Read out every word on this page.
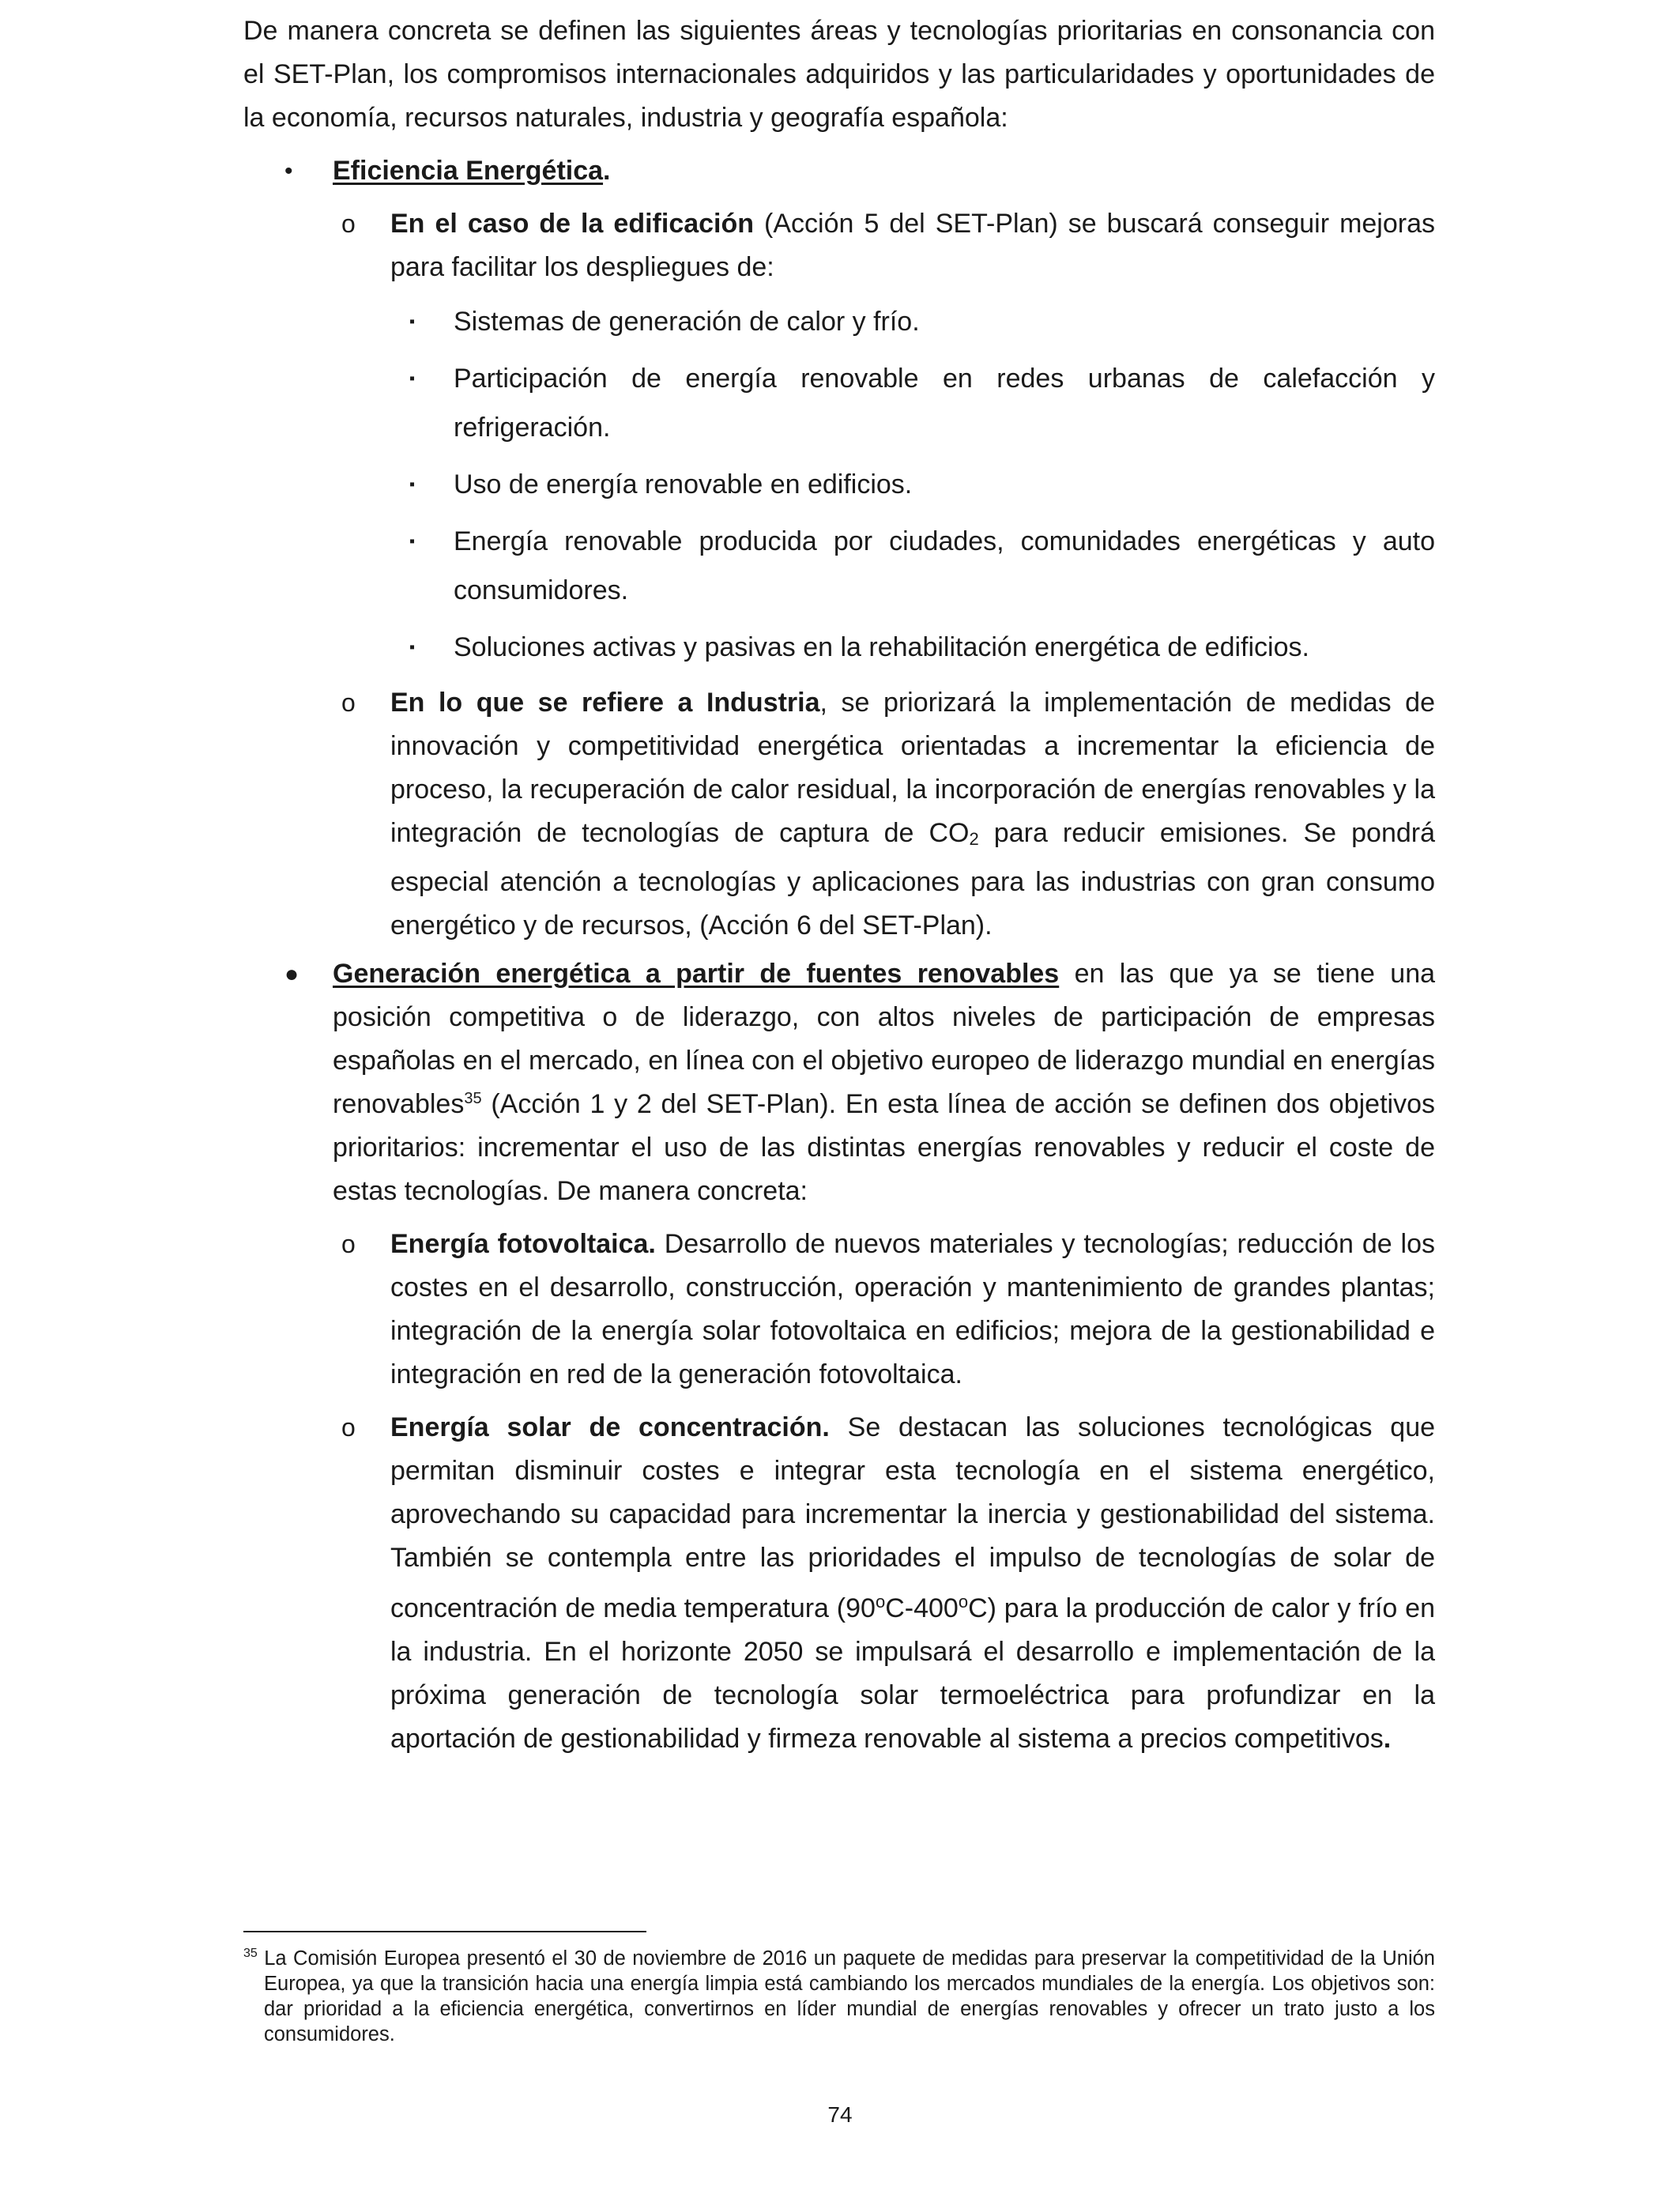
De manera concreta se definen las siguientes áreas y tecnologías prioritarias en consonancia con el SET-Plan, los compromisos internacionales adquiridos y las particularidades y oportunidades de la economía, recursos naturales, industria y geografía española:

• Eficiencia Energética.

o En el caso de la edificación (Acción 5 del SET-Plan) se buscará conseguir mejoras para facilitar los despliegues de:

▪ Sistemas de generación de calor y frío.

▪ Participación de energía renovable en redes urbanas de calefacción y refrigeración.

▪ Uso de energía renovable en edificios.

▪ Energía renovable producida por ciudades, comunidades energéticas y auto consumidores.

▪ Soluciones activas y pasivas en la rehabilitación energética de edificios.

o En lo que se refiere a Industria, se priorizará la implementación de medidas de innovación y competitividad energética orientadas a incrementar la eficiencia de proceso, la recuperación de calor residual, la incorporación de energías renovables y la integración de tecnologías de captura de CO2 para reducir emisiones. Se pondrá especial atención a tecnologías y aplicaciones para las industrias con gran consumo energético y de recursos, (Acción 6 del SET-Plan).

● Generación energética a partir de fuentes renovables en las que ya se tiene una posición competitiva o de liderazgo, con altos niveles de participación de empresas españolas en el mercado, en línea con el objetivo europeo de liderazgo mundial en energías renovables$^{35}$ (Acción 1 y 2 del SET-Plan). En esta línea de acción se definen dos objetivos prioritarios: incrementar el uso de las distintas energías renovables y reducir el coste de estas tecnologías. De manera concreta:

o Energía fotovoltaica. Desarrollo de nuevos materiales y tecnologías; reducción de los costes en el desarrollo, construcción, operación y mantenimiento de grandes plantas; integración de la energía solar fotovoltaica en edificios; mejora de la gestionabilidad e integración en red de la generación fotovoltaica.

o Energía solar de concentración. Se destacan las soluciones tecnológicas que permitan disminuir costes e integrar esta tecnología en el sistema energético, aprovechando su capacidad para incrementar la inercia y gestionabilidad del sistema. También se contempla entre las prioridades el impulso de tecnologías de solar de concentración de media temperatura (90$^o$C-400$^o$C) para la producción de calor y frío en la industria. En el horizonte 2050 se impulsará el desarrollo e implementación de la próxima generación de tecnología solar termoeléctrica para profundizar en la aportación de gestionabilidad y firmeza renovable al sistema a precios competitivos.

$^{35}$ La Comisión Europea presentó el 30 de noviembre de 2016 un paquete de medidas para preservar la competitividad de la Unión Europea, ya que la transición hacia una energía limpia está cambiando los mercados mundiales de la energía. Los objetivos son: dar prioridad a la eficiencia energética, convertirnos en líder mundial de energías renovables y ofrecer un trato justo a los consumidores.
74
